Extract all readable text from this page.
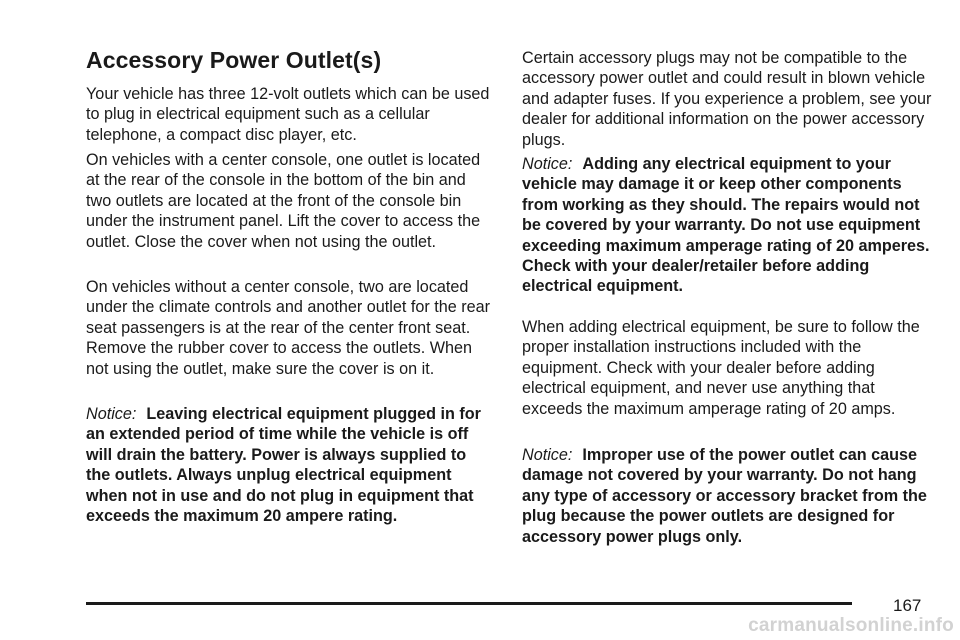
Accessory Power Outlet(s)

Your vehicle has three 12-volt outlets which can be used to plug in electrical equipment such as a cellular telephone, a compact disc player, etc.

On vehicles with a center console, one outlet is located at the rear of the console in the bottom of the bin and two outlets are located at the front of the console bin under the instrument panel. Lift the cover to access the outlet. Close the cover when not using the outlet.

On vehicles without a center console, two are located under the climate controls and another outlet for the rear seat passengers is at the rear of the center front seat. Remove the rubber cover to access the outlets. When not using the outlet, make sure the cover is on it.

Notice: Leaving electrical equipment plugged in for an extended period of time while the vehicle is off will drain the battery. Power is always supplied to the outlets. Always unplug electrical equipment when not in use and do not plug in equipment that exceeds the maximum 20 ampere rating.

Certain accessory plugs may not be compatible to the accessory power outlet and could result in blown vehicle and adapter fuses. If you experience a problem, see your dealer for additional information on the power accessory plugs.

Notice: Adding any electrical equipment to your vehicle may damage it or keep other components from working as they should. The repairs would not be covered by your warranty. Do not use equipment exceeding maximum amperage rating of 20 amperes. Check with your dealer/retailer before adding electrical equipment.

When adding electrical equipment, be sure to follow the proper installation instructions included with the equipment. Check with your dealer before adding electrical equipment, and never use anything that exceeds the maximum amperage rating of 20 amps.

Notice: Improper use of the power outlet can cause damage not covered by your warranty. Do not hang any type of accessory or accessory bracket from the plug because the power outlets are designed for accessory power plugs only.

167
carmanualsonline.info
